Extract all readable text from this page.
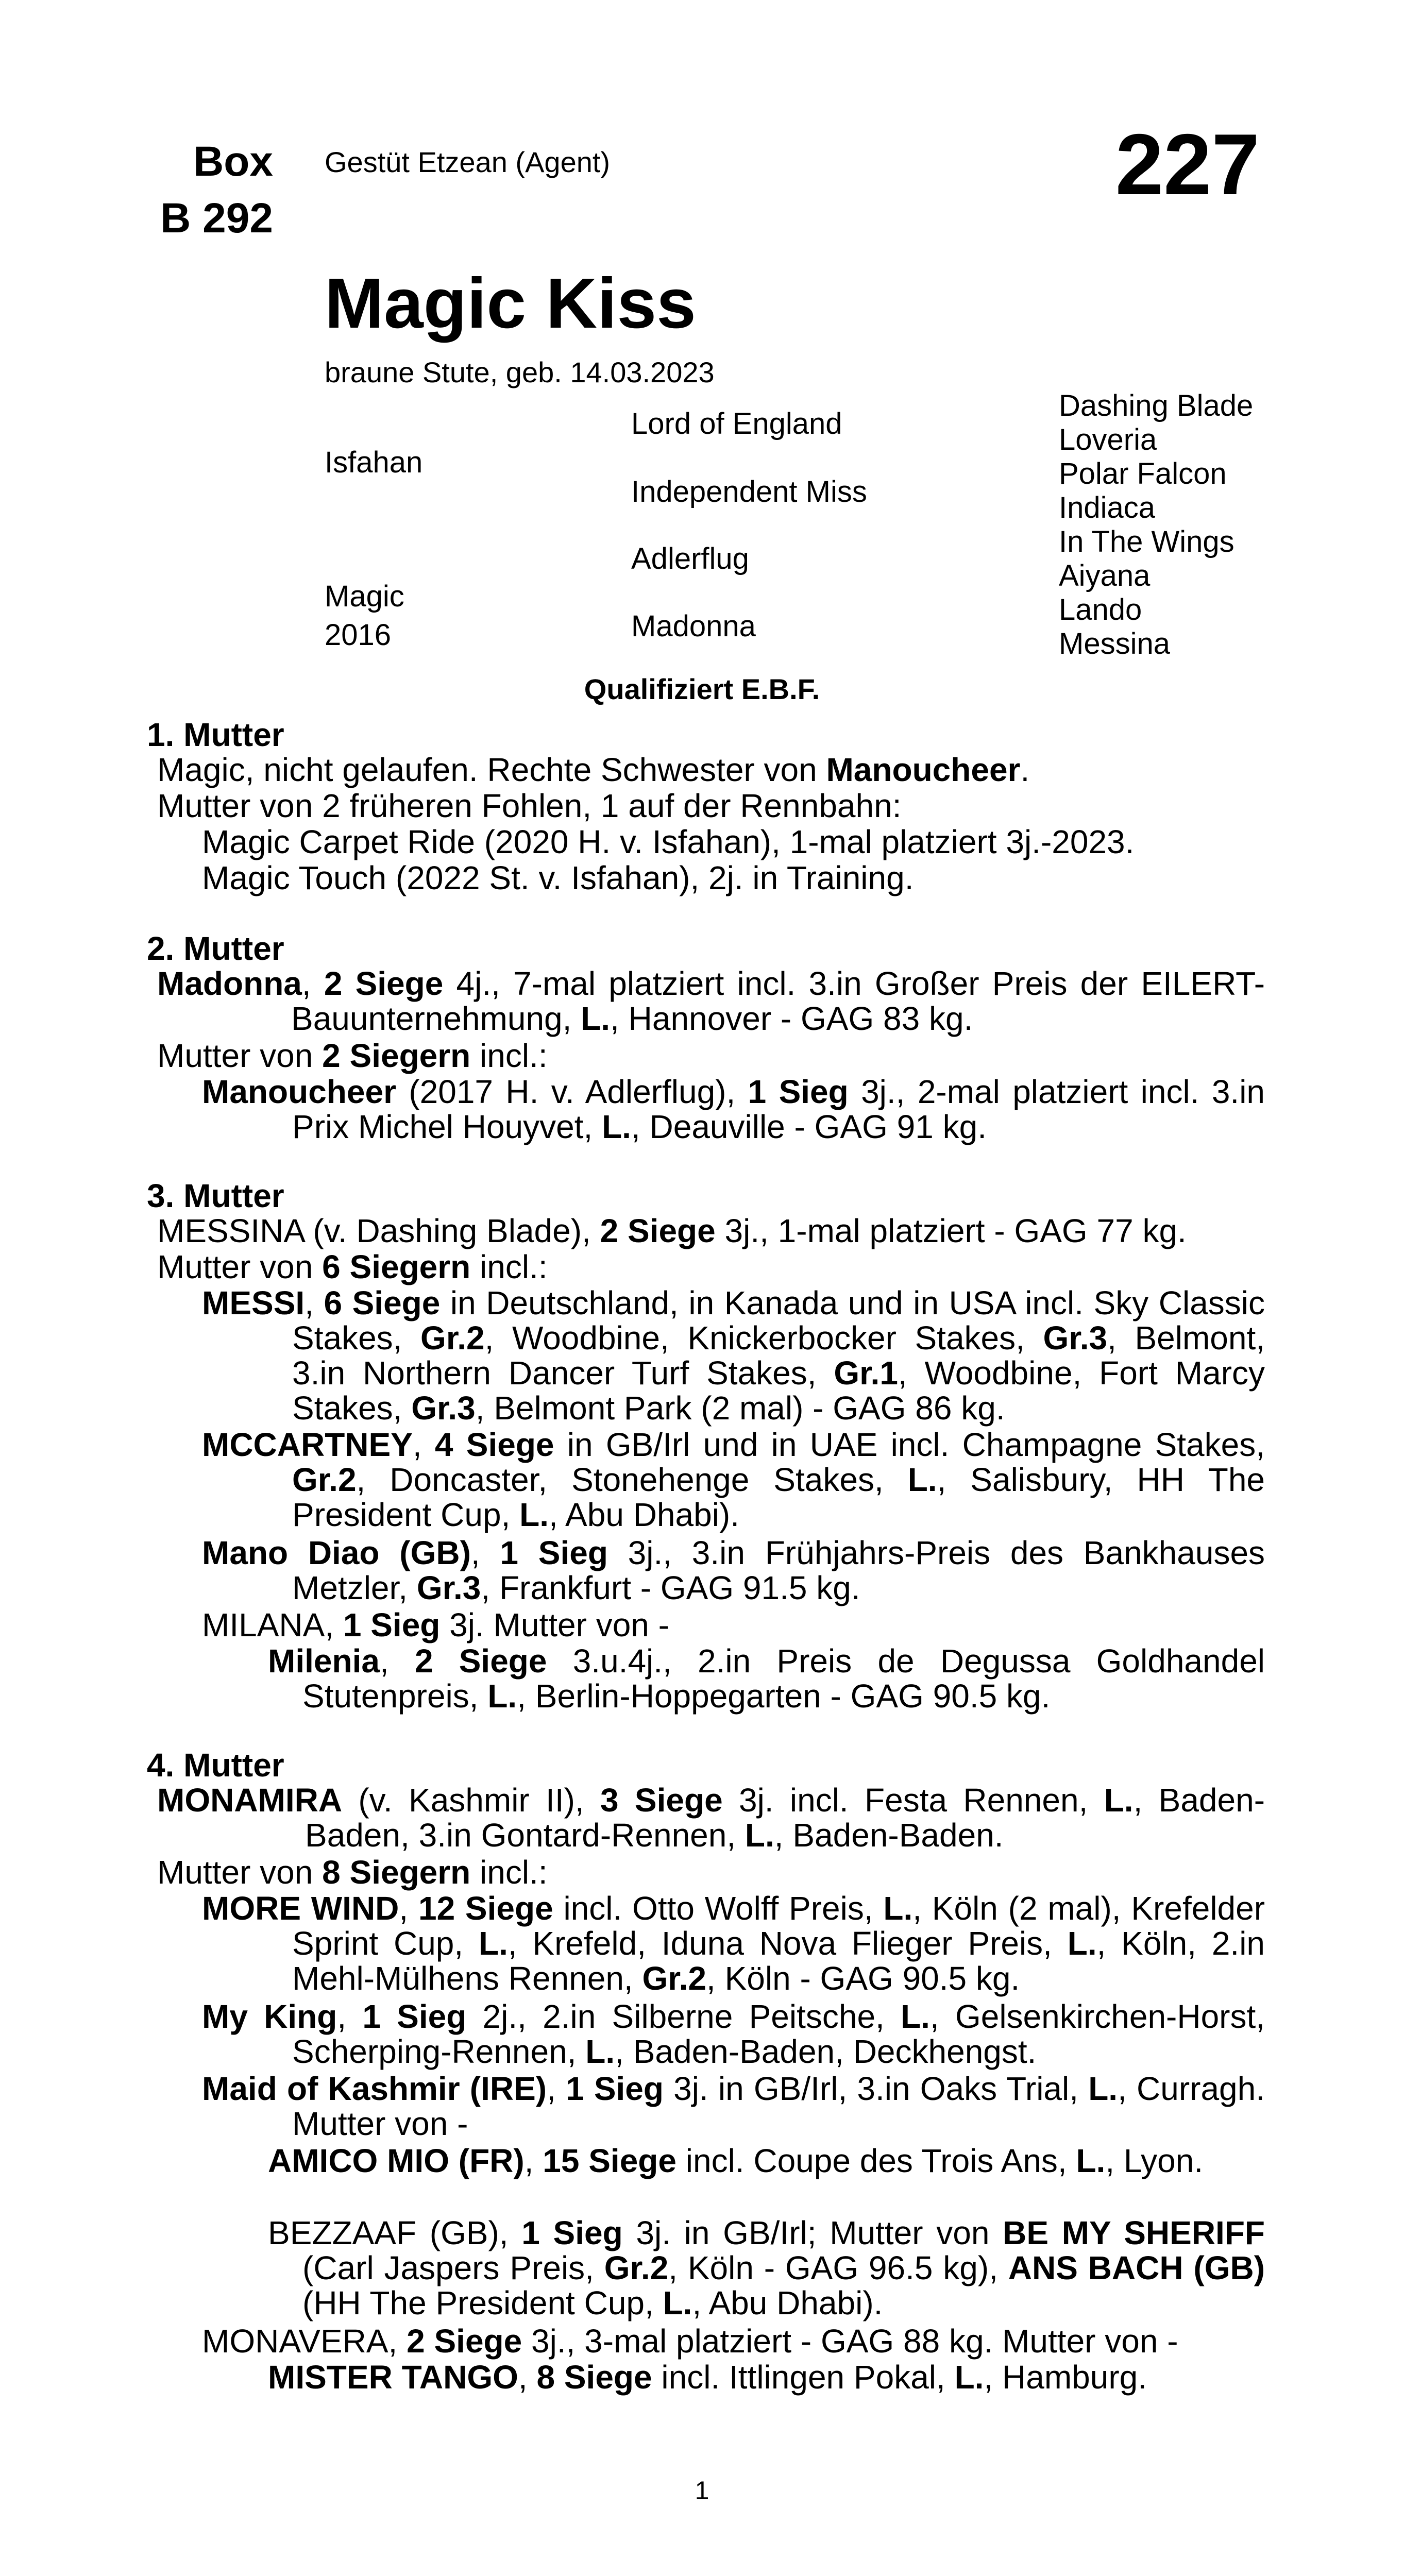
Box
B 292
Gestüt Etzean (Agent)	227
Magic Kiss
braune Stute, geb. 14.03.2023
Isfahan
Magic
2016
Lord of England
Independent Miss
Adlerflug
Madonna
Dashing Blade
Loveria
Polar Falcon
Indiaca
In The Wings
Aiyana
Lando
Messina
Qualifiziert E.B.F.
1. Mutter
Magic, nicht gelaufen. Rechte Schwester von Manoucheer.
Mutter von 2 früheren Fohlen, 1 auf der Rennbahn:
Magic Carpet Ride (2020 H. v. Isfahan), 1-mal platziert 3j.-2023.
Magic Touch (2022 St. v. Isfahan), 2j. in Training.
2. Mutter
Madonna, 2 Siege 4j., 7-mal platziert incl. 3.in Großer Preis der EILERT-Bauunternehmung, L., Hannover - GAG 83 kg.
Mutter von 2 Siegern incl.:
Manoucheer (2017 H. v. Adlerflug), 1 Sieg 3j., 2-mal platziert incl. 3.in Prix Michel Houyvet, L., Deauville - GAG 91 kg.
3. Mutter
MESSINA (v. Dashing Blade), 2 Siege 3j., 1-mal platziert - GAG 77 kg.
Mutter von 6 Siegern incl.:
MESSI, 6 Siege in Deutschland, in Kanada und in USA incl. Sky Classic Stakes, Gr.2, Woodbine, Knickerbocker Stakes, Gr.3, Belmont, 3.in Northern Dancer Turf Stakes, Gr.1, Woodbine, Fort Marcy Stakes, Gr.3, Belmont Park (2 mal) - GAG 86 kg.
MCCARTNEY, 4 Siege in GB/Irl und in UAE incl. Champagne Stakes, Gr.2, Doncaster, Stonehenge Stakes, L., Salisbury, HH The President Cup, L., Abu Dhabi).
Mano Diao (GB), 1 Sieg 3j., 3.in Frühjahrs-Preis des Bankhauses Metzler, Gr.3, Frankfurt - GAG 91.5 kg.
MILANA, 1 Sieg 3j. Mutter von -
Milenia, 2 Siege 3.u.4j., 2.in Preis de Degussa Goldhandel Stutenpreis, L., Berlin-Hoppegarten - GAG 90.5 kg.
4. Mutter
MONAMIRA (v. Kashmir II), 3 Siege 3j. incl. Festa Rennen, L., Baden-Baden, 3.in Gontard-Rennen, L., Baden-Baden.
Mutter von 8 Siegern incl.:
MORE WIND, 12 Siege incl. Otto Wolff Preis, L., Köln (2 mal), Krefelder Sprint Cup, L., Krefeld, Iduna Nova Flieger Preis, L., Köln, 2.in Mehl-Mülhens Rennen, Gr.2, Köln - GAG 90.5 kg.
My King, 1 Sieg 2j., 2.in Silberne Peitsche, L., Gelsenkirchen-Horst, Scherping-Rennen, L., Baden-Baden, Deckhengst.
Maid of Kashmir (IRE), 1 Sieg 3j. in GB/Irl, 3.in Oaks Trial, L., Curragh. Mutter von -
AMICO MIO (FR), 15 Siege incl. Coupe des Trois Ans, L., Lyon.
BEZZAAF (GB), 1 Sieg 3j. in GB/Irl; Mutter von BE MY SHERIFF (Carl Jaspers Preis, Gr.2, Köln - GAG 96.5 kg), ANS BACH (GB) (HH The President Cup, L., Abu Dhabi).
MONAVERA, 2 Siege 3j., 3-mal platziert - GAG 88 kg. Mutter von -
MISTER TANGO, 8 Siege incl. Ittlingen Pokal, L., Hamburg.
1
